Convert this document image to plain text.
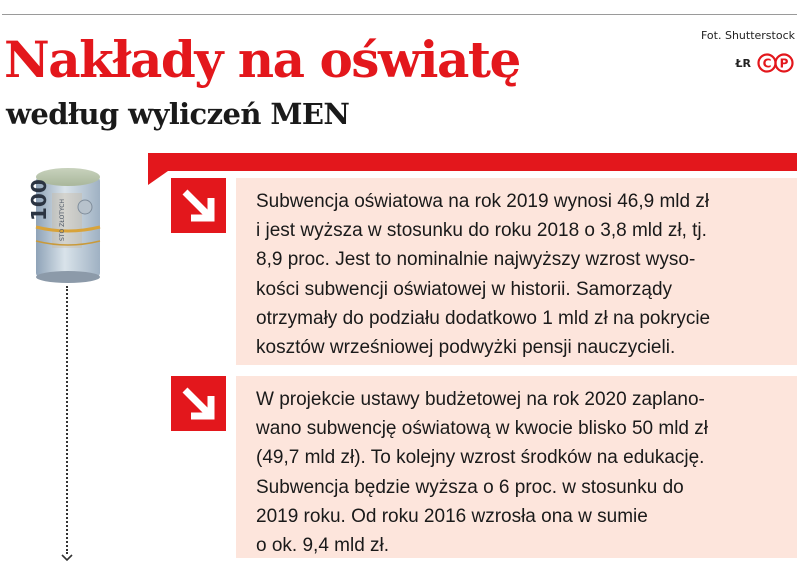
Nakłady na oświatę
według wyliczeń MEN
Fot. Shutterstock
ŁR C P
100 STO ZŁOTYCH	Subwencja oświatowa na rok 2019 wynosi 46,9 mld zł
i jest wyższa w stosunku do roku 2018 o 3,8 mld zł, tj.
8,9 proc. Jest to nominalnie najwyższy wzrost wyso-
kości subwencji oświatowej w historii. Samorządy
otrzymały do podziału dodatkowo 1 mld zł na pokrycie
kosztów wrześniowej podwyżki pensji nauczycieli.

W projekcie ustawy budżetowej na rok 2020 zaplano-
wano subwencję oświatową w kwocie blisko 50 mld zł
(49,7 mld zł). To kolejny wzrost środków na edukację.
Subwencja będzie wyższa o 6 proc. w stosunku do
2019 roku. Od roku 2016 wzrosła ona w sumie
o ok. 9,4 mld zł.
